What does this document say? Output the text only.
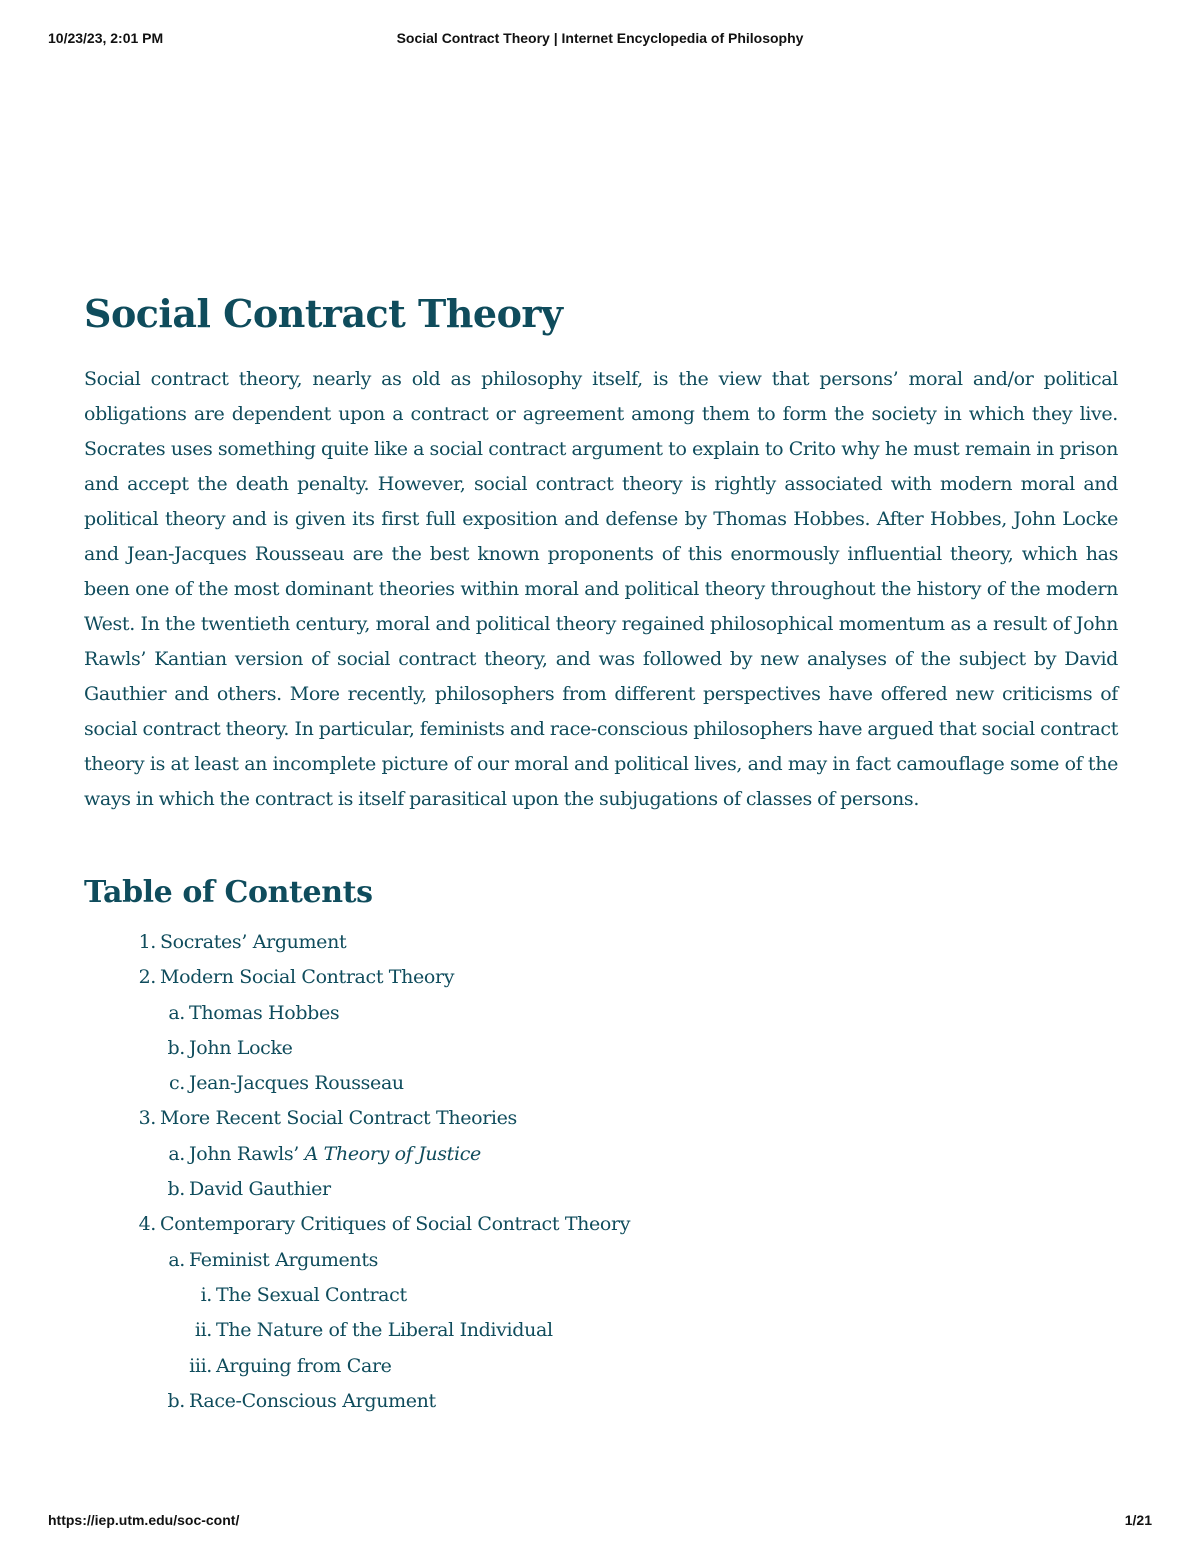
10/23/23, 2:01 PM	Social Contract Theory | Internet Encyclopedia of Philosophy
Social Contract Theory

Social contract theory, nearly as old as philosophy itself, is the view that persons’ moral and/or political obligations are dependent upon a contract or agreement among them to form the society in which they live. Socrates uses something quite like a social contract argument to explain to Crito why he must remain in prison and accept the death penalty. However, social contract theory is rightly associated with modern moral and political theory and is given its first full exposition and defense by Thomas Hobbes. After Hobbes, John Locke and Jean-Jacques Rousseau are the best known proponents of this enormously influential theory, which has been one of the most dominant theories within moral and political theory throughout the history of the modern West. In the twentieth century, moral and political theory regained philosophical momentum as a result of John Rawls’ Kantian version of social contract theory, and was followed by new analyses of the subject by David Gauthier and others. More recently, philosophers from different perspectives have offered new criticisms of social contract theory. In particular, feminists and race-conscious philosophers have argued that social contract theory is at least an incomplete picture of our moral and political lives, and may in fact camouflage some of the ways in which the contract is itself parasitical upon the subjugations of classes of persons.

Table of Contents
1. Socrates’ Argument
2. Modern Social Contract Theory
a. Thomas Hobbes
b. John Locke
c. Jean-Jacques Rousseau
3. More Recent Social Contract Theories
a. John Rawls’ A Theory of Justice
b. David Gauthier
4. Contemporary Critiques of Social Contract Theory
a. Feminist Arguments
i. The Sexual Contract
ii. The Nature of the Liberal Individual
iii. Arguing from Care
b. Race-Conscious Argument
https://iep.utm.edu/soc-cont/	1/21
